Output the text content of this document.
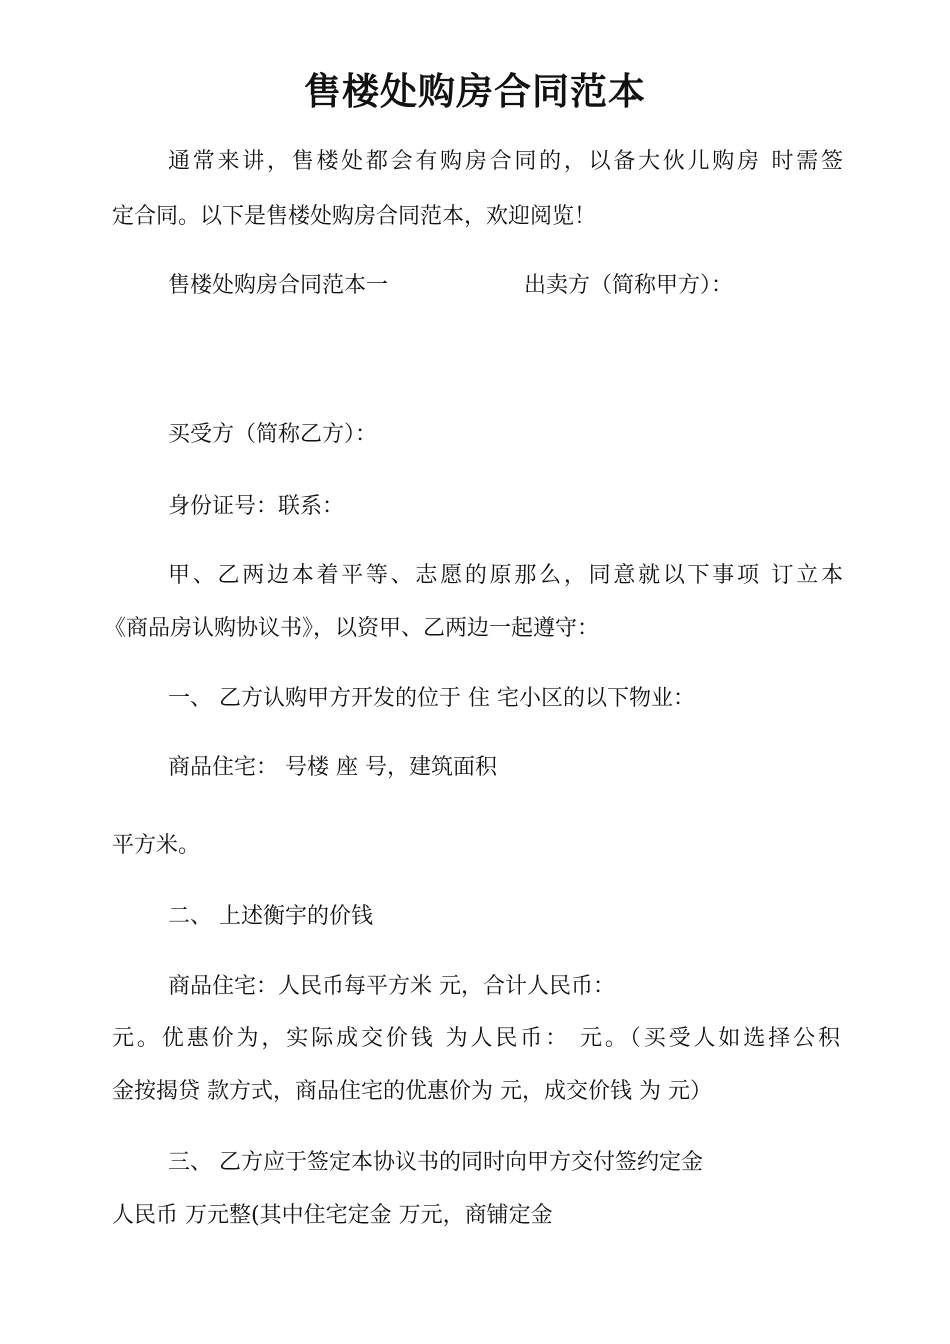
售楼处购房合同范本

通常来讲，售楼处都会有购房合同的，以备大伙儿购房 时需签

定合同。以下是售楼处购房合同范本，欢迎阅览！

售楼处购房合同范本一	出卖方（简称甲方）：

买受方（简称乙方）：

身份证号：联系：

甲、乙两边本着平等、志愿的原那么，同意就以下事项 订立本

《商品房认购协议书》，以资甲、乙两边一起遵守：

一、 乙方认购甲方开发的位于 住 宅小区的以下物业：

商品住宅： 号楼 座 号，建筑面积

平方米。

二、 上述衡宇的价钱

商品住宅：人民币每平方米 元，合计人民币：

元。优惠价为，实际成交价钱 为人民币： 元。（买受人如选择公积

金按揭贷 款方式，商品住宅的优惠价为 元，成交价钱 为 元）

三、 乙方应于签定本协议书的同时向甲方交付签约定金

人民币 万元整(其中住宅定金 万元，商铺定金
